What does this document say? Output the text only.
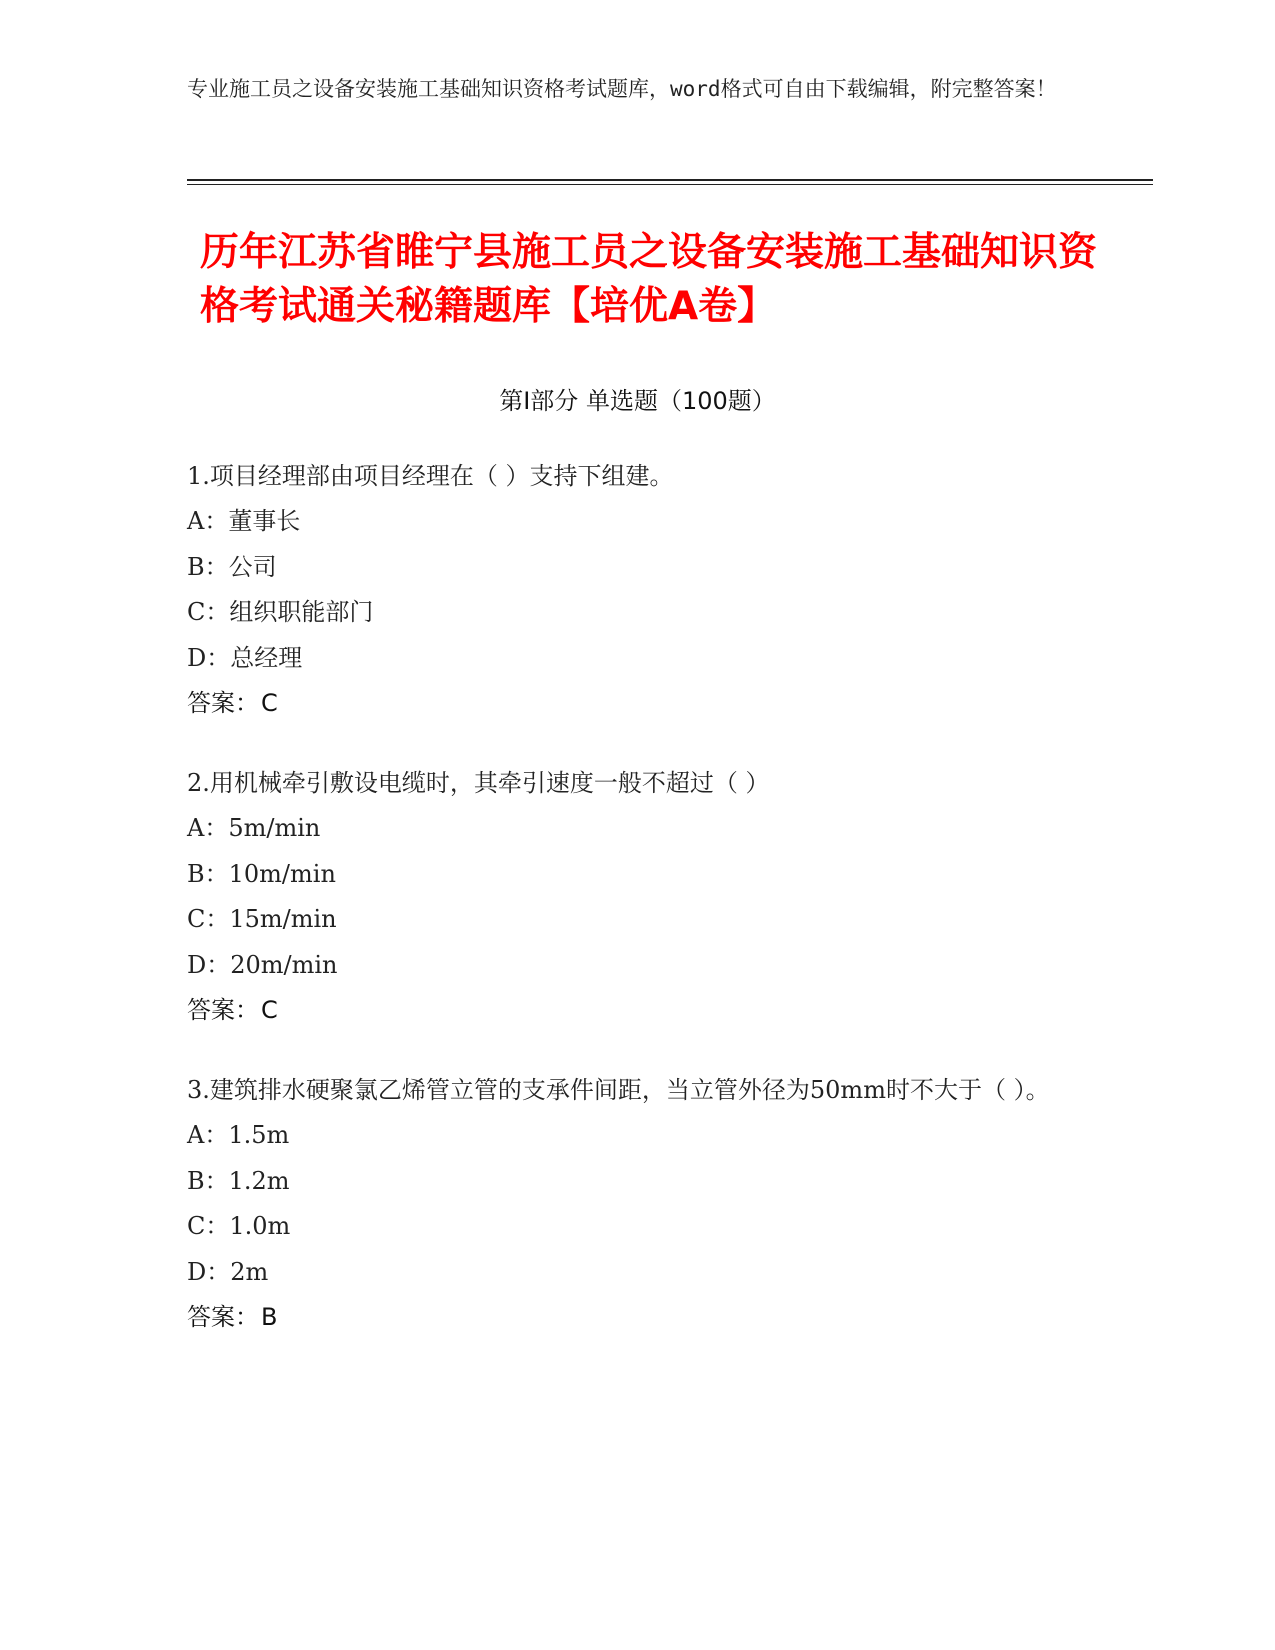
专业施工员之设备安装施工基础知识资格考试题库，word格式可自由下载编辑，附完整答案！
历年江苏省睢宁县施工员之设备安装施工基础知识资格考试通关秘籍题库【培优A卷】
第Ⅰ部分 单选题（100题）

1.项目经理部由项目经理在（ ）支持下组建。

A：董事长

B：公司

C：组织职能部门

D：总经理

答案：C

2.用机械牵引敷设电缆时，其牵引速度一般不超过（ ）

A：5m/min

B：10m/min

C：15m/min

D：20m/min

答案：C

3.建筑排水硬聚氯乙烯管立管的支承件间距，当立管外径为50mm时不大于（ ）。

A：1.5m

B：1.2m

C：1.0m

D：2m

答案：B
